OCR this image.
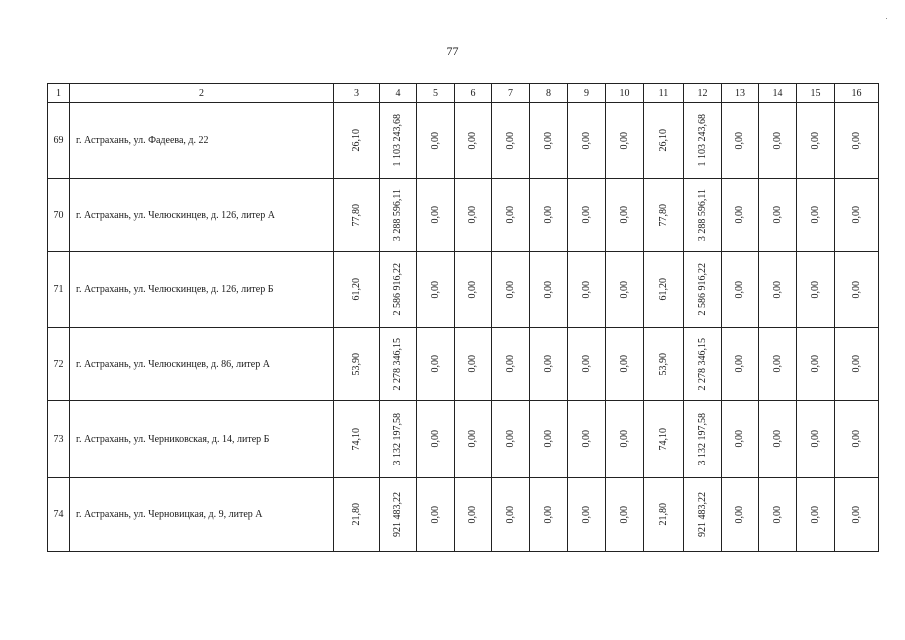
77
1	2	3	4	5	6	7	8	9	10	11	12	13	14	15	16
69	г. Астрахань, ул. Фадеева, д. 22	26,10	1 103 243,68	0,00	0,00	0,00	0,00	0,00	0,00	26,10	1 103 243,68	0,00	0,00	0,00	0,00

70	г. Астрахань, ул. Челюскинцев, д. 126, литер А	77,80	3 288 596,11	0,00	0,00	0,00	0,00	0,00	0,00	77,80	3 288 596,11	0,00	0,00	0,00	0,00

71	г. Астрахань, ул. Челюскинцев, д. 126, литер Б	61,20	2 586 916,22	0,00	0,00	0,00	0,00	0,00	0,00	61,20	2 586 916,22	0,00	0,00	0,00	0,00

72	г. Астрахань, ул. Челюскинцев, д. 86, литер А	53,90	2 278 346,15	0,00	0,00	0,00	0,00	0,00	0,00	53,90	2 278 346,15	0,00	0,00	0,00	0,00

73	г. Астрахань, ул. Черниковская, д. 14, литер Б	74,10	3 132 197,58	0,00	0,00	0,00	0,00	0,00	0,00	74,10	3 132 197,58	0,00	0,00	0,00	0,00

74	г. Астрахань, ул. Черновицкая, д. 9, литер А	21,80	921 483,22	0,00	0,00	0,00	0,00	0,00	0,00	21,80	921 483,22	0,00	0,00	0,00	0,00
